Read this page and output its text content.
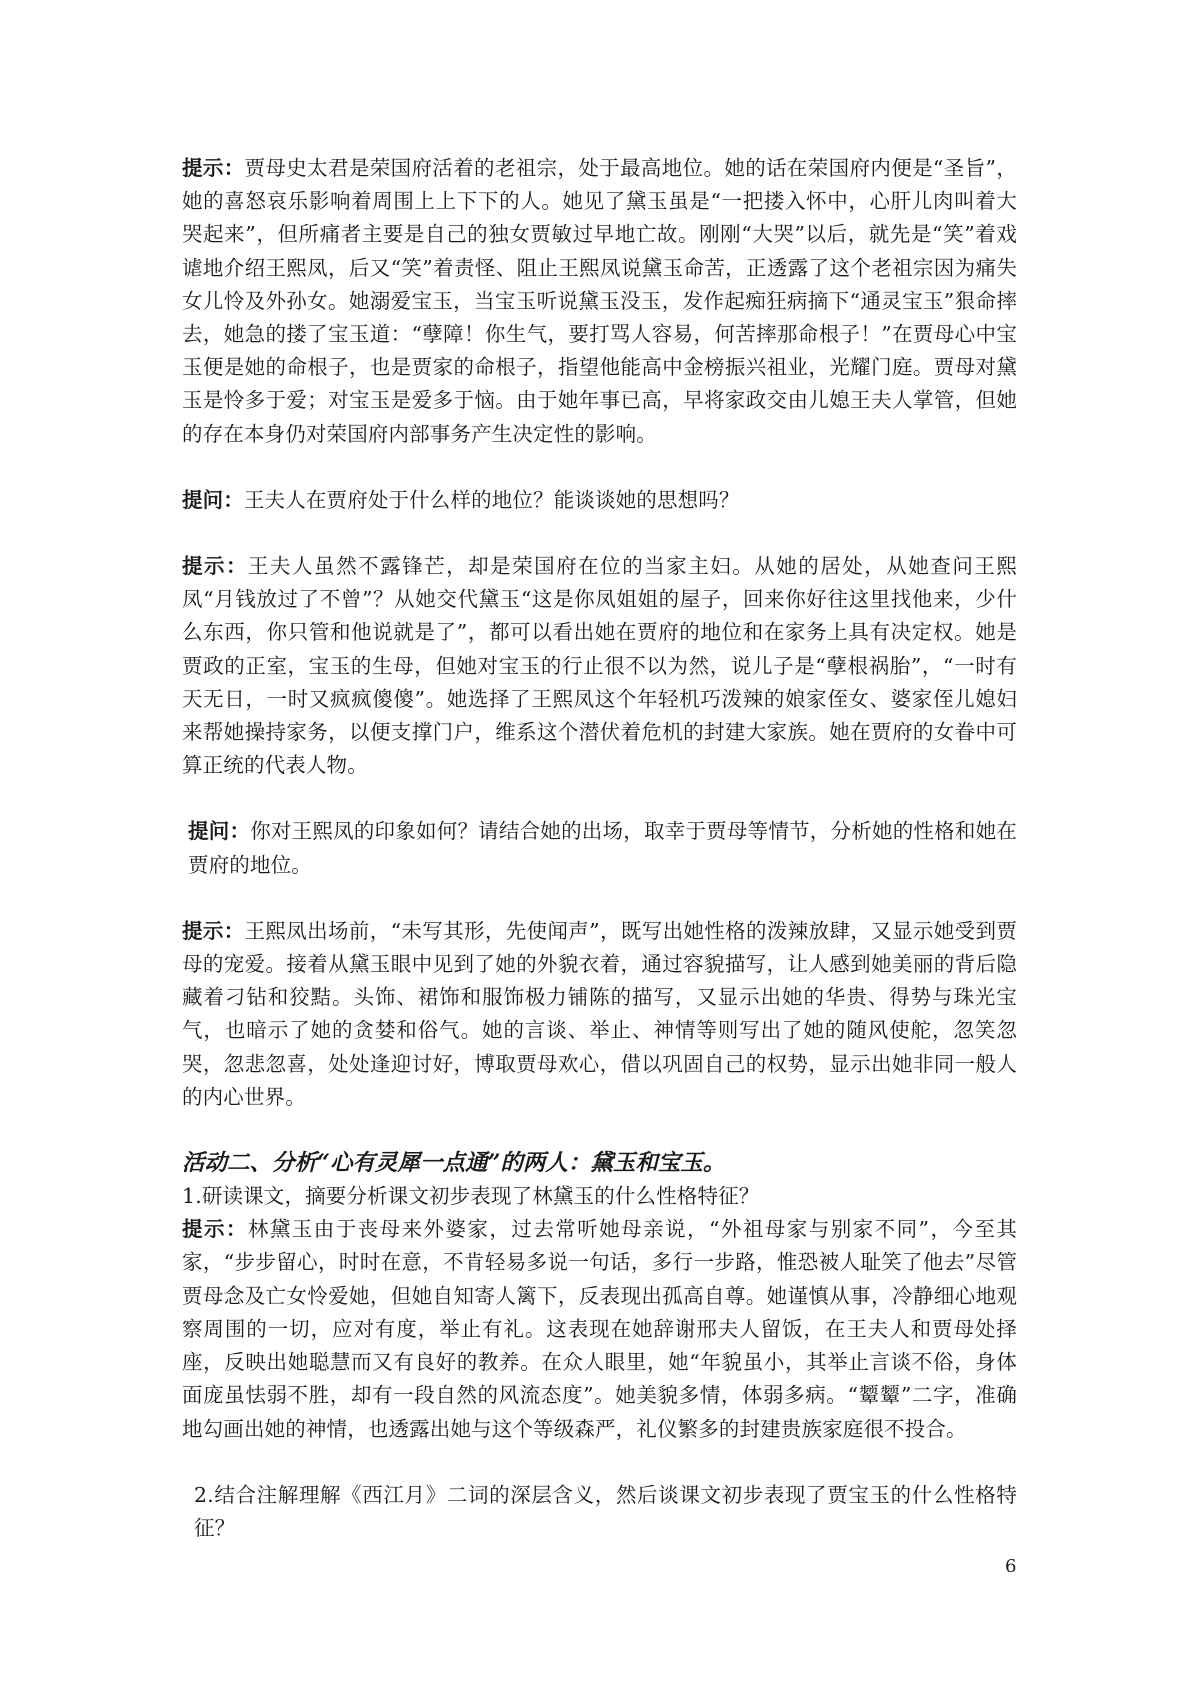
提示：贾母史太君是荣国府活着的老祖宗，处于最高地位。她的话在荣国府内便是“圣旨”，她的喜怒哀乐影响着周围上上下下的人。她见了黛玉虽是“一把搂入怀中，心肝儿肉叫着大哭起来”，但所痛者主要是自己的独女贾敏过早地亡故。刚刚“大哭”以后，就先是“笑”着戏谑地介绍王熙凤，后又“笑”着责怪、阻止王熙凤说黛玉命苦，正透露了这个老祖宗因为痛失女儿怜及外孙女。她溺爱宝玉，当宝玉听说黛玉没玉，发作起痴狂病摘下“通灵宝玉”狠命摔去，她急的搂了宝玉道：“孽障！你生气，要打骂人容易，何苦摔那命根子！”在贾母心中宝玉便是她的命根子，也是贾家的命根子，指望他能高中金榜振兴祖业，光耀门庭。贾母对黛玉是怜多于爱；对宝玉是爱多于恼。由于她年事已高，早将家政交由儿媳王夫人掌管，但她的存在本身仍对荣国府内部事务产生决定性的影响。

提问：王夫人在贾府处于什么样的地位？能谈谈她的思想吗？

提示：王夫人虽然不露锋芒，却是荣国府在位的当家主妇。从她的居处，从她查问王熙凤“月钱放过了不曾”？从她交代黛玉“这是你凤姐姐的屋子，回来你好往这里找他来，少什么东西，你只管和他说就是了”，都可以看出她在贾府的地位和在家务上具有决定权。她是贾政的正室，宝玉的生母，但她对宝玉的行止很不以为然，说儿子是“孽根祸胎”，“一时有天无日，一时又疯疯傻傻”。她选择了王熙凤这个年轻机巧泼辣的娘家侄女、婆家侄儿媳妇来帮她操持家务，以便支撑门户，维系这个潜伏着危机的封建大家族。她在贾府的女眷中可算正统的代表人物。

提问：你对王熙凤的印象如何？请结合她的出场，取幸于贾母等情节，分析她的性格和她在贾府的地位。

提示：王熙凤出场前，“未写其形，先使闻声”，既写出她性格的泼辣放肆，又显示她受到贾母的宠爱。接着从黛玉眼中见到了她的外貌衣着，通过容貌描写，让人感到她美丽的背后隐藏着刁钻和狡黠。头饰、裙饰和服饰极力铺陈的描写，又显示出她的华贵、得势与珠光宝气，也暗示了她的贪婪和俗气。她的言谈、举止、神情等则写出了她的随风使舵，忽笑忽哭，忽悲忽喜，处处逢迎讨好，博取贾母欢心，借以巩固自己的权势，显示出她非同一般人的内心世界。

活动二、分析“心有灵犀一点通”的两人：黛玉和宝玉。

1.研读课文，摘要分析课文初步表现了林黛玉的什么性格特征？

提示：林黛玉由于丧母来外婆家，过去常听她母亲说，“外祖母家与别家不同”，今至其家，“步步留心，时时在意，不肯轻易多说一句话，多行一步路，惟恐被人耻笑了他去”尽管贾母念及亡女怜爱她，但她自知寄人篱下，反表现出孤高自尊。她谨慎从事，冷静细心地观察周围的一切，应对有度，举止有礼。这表现在她辞谢邢夫人留饭，在王夫人和贾母处择座，反映出她聪慧而又有良好的教养。在众人眼里，她“年貌虽小，其举止言谈不俗，身体面庞虽怯弱不胜，却有一段自然的风流态度”。她美貌多情，体弱多病。“颦颦”二字，准确地勾画出她的神情，也透露出她与这个等级森严，礼仪繁多的封建贵族家庭很不投合。

2.结合注解理解《西江月》二词的深层含义，然后谈课文初步表现了贾宝玉的什么性格特征？

6
